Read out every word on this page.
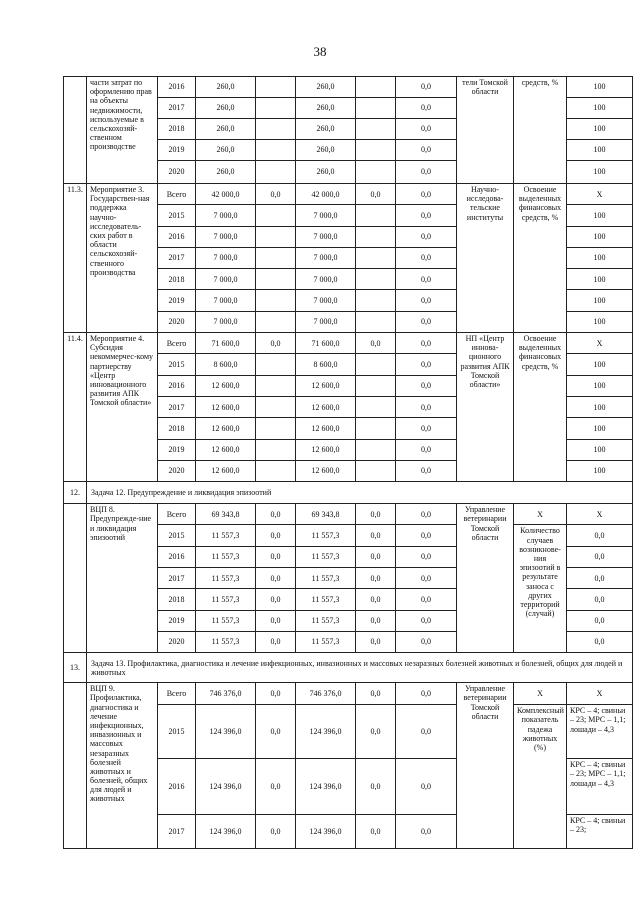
38
	части затрат по оформлению прав на объекты недвижимости, используемые в сельскохозяй-ственном производстве	2016	260,0		260,0		0,0	тели Томской области	средств, %	100
		2017	260,0		260,0		0,0			100
		2018	260,0		260,0		0,0			100
		2019	260,0		260,0		0,0			100
		2020	260,0		260,0		0,0			100
11.3.	Мероприятие 3. Государствен-ная поддержка научно-исследователь-ских работ в области сельскохозяй-ственного производства	Всего	42 000,0	0,0	42 000,0	0,0	0,0	Научно-исследова-тельские институты	Освоение выделенных финансовых средств, %	Х
		2015	7 000,0		7 000,0		0,0			100
		2016	7 000,0		7 000,0		0,0			100
		2017	7 000,0		7 000,0		0,0			100
		2018	7 000,0		7 000,0		0,0			100
		2019	7 000,0		7 000,0		0,0			100
		2020	7 000,0		7 000,0		0,0			100
11.4.	Мероприятие 4. Субсидия некоммерчес-кому партнерству «Центр инновационного развития АПК Томской области»	Всего	71 600,0	0,0	71 600,0	0,0	0,0	НП «Центр иннова-ционного развития АПК Томской области»	Освоение выделенных финансовых средств, %	Х
		2015	8 600,0		8 600,0		0,0			100
		2016	12 600,0		12 600,0		0,0			100
		2017	12 600,0		12 600,0		0,0			100
		2018	12 600,0		12 600,0		0,0			100
		2019	12 600,0		12 600,0		0,0			100
		2020	12 600,0		12 600,0		0,0			100
12.	Задача 12. Предупреждение и ликвидация эпизоотий									
	ВЦП 8. Предупрежде-ние и ликвидация эпизоотий	Всего	69 343,8	0,0	69 343,8	0,0	0,0	Управление ветеринарии Томской области	Х	Х
		2015	11 557,3	0,0	11 557,3	0,0	0,0		Количество случаев возникнове-ния эпизоотий в результате заноса с других территорий (случай)	0,0
		2016	11 557,3	0,0	11 557,3	0,0	0,0			0,0
		2017	11 557,3	0,0	11 557,3	0,0	0,0			0,0
		2018	11 557,3	0,0	11 557,3	0,0	0,0			0,0
		2019	11 557,3	0,0	11 557,3	0,0	0,0			0,0
		2020	11 557,3	0,0	11 557,3	0,0	0,0			0,0
13.	Задача 13. Профилактика, диагностика и лечение инфекционных, инвазионных и массовых незаразных болезней животных и болезней, общих для людей и животных									
	ВЦП 9. Профилактика, диагностика и лечение инфекционных, инвазионных и массовых незаразных болезней животных и болезней, общих для людей и животных	Всего	746 376,0	0,0	746 376,0	0,0	0,0	Управление ветеринарии Томской области	Х	Х
		2015	124 396,0	0,0	124 396,0	0,0	0,0		Комплексный показатель падежа животных (%)	КРС – 4; свиньи – 23; МРС – 1,1; лошади – 4,3
		2016	124 396,0	0,0	124 396,0	0,0	0,0			КРС – 4; свиньи – 23; МРС – 1,1; лошади – 4,3
		2017	124 396,0	0,0	124 396,0	0,0	0,0			КРС – 4; свиньи – 23;
